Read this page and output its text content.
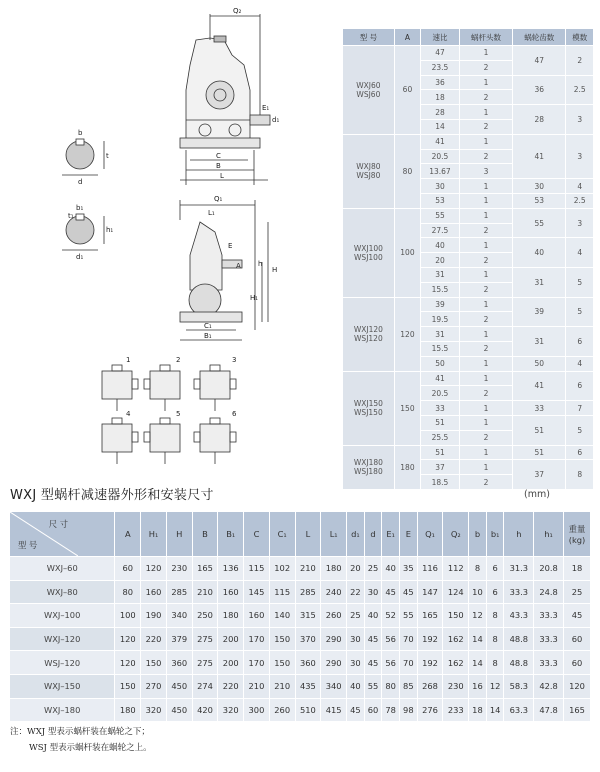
Q₂
E₁
d₁
b
t
d
C
B
L
b₁
t₁
h₁
d₁
Q₁
L₁
E
A	H
h
H₁
C₁
B₁
1	2	3
4	5	6
型 号	A	速比	蜗杆头数	蜗轮齿数	模数
WXJ60
WSJ60	60	47	1	47	2
		23.5	2		
		36	1	36	2.5
		18	2		
		28	1	28	3
		14	2		
WXJ80
WSJ80	80	41	1	41	3
		20.5	2		
		13.67	3		
		30	1	30	4
		53	1	53	2.5
WXJ100
WSJ100	100	55	1	55	3
		27.5	2		
		40	1	40	4
		20	2		
		31	1	31	5
		15.5	2		
WXJ120
WSJ120	120	39	1	39	5
		19.5	2		
		31	1	31	6
		15.5	2		
		50	1	50	4
WXJ150
WSJ150	150	41	1	41	6
		20.5	2		
		33	1	33	7
		51	1	51	5
		25.5	2		
WXJ180
WSJ180	180	51	1	51	6
		37	1	37	8
		18.5	2		
WXJ 型蜗杆减速器外形和安装尺寸	(mm)
尺 寸
型 号	A	H₁	H	B	B₁	C	C₁	L	L₁	d₁	d	E₁	E	Q₁	Q₂	b	b₁	h	h₁	重量
(kg)
WXJ–60	60	120	230	165	136	115	102	210	180	20	25	40	35	116	112	8	6	31.3	20.8	18
WXJ–80	80	160	285	210	160	145	115	285	240	22	30	45	45	147	124	10	6	33.3	24.8	25
WXJ–100	100	190	340	250	180	160	140	315	260	25	40	52	55	165	150	12	8	43.3	33.3	45
WXJ–120	120	220	379	275	200	170	150	370	290	30	45	56	70	192	162	14	8	48.8	33.3	60
WSJ–120	120	150	360	275	200	170	150	360	290	30	45	56	70	192	162	14	8	48.8	33.3	60
WXJ–150	150	270	450	274	220	210	210	435	340	40	55	80	85	268	230	16	12	58.3	42.8	120
WXJ–180	180	320	450	420	320	300	260	510	415	45	60	78	98	276	233	18	14	63.3	47.8	165
注：WXJ 型表示蜗杆装在蜗轮之下；
WSJ 型表示蜗杆装在蜗轮之上。
